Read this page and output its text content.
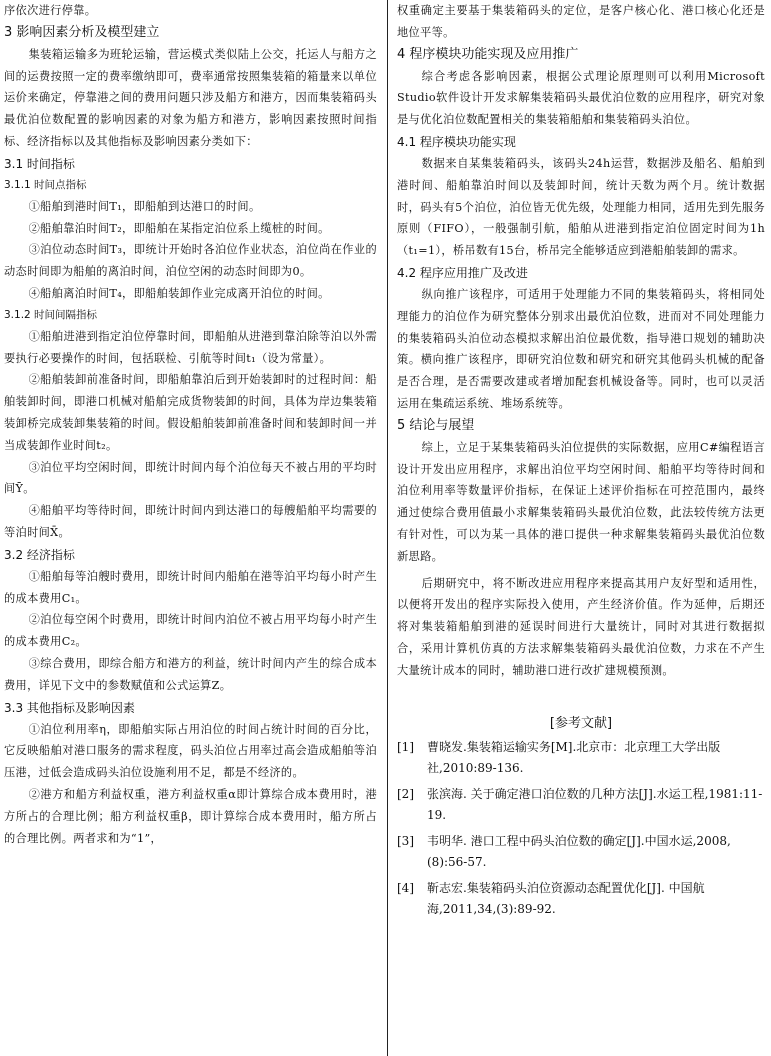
序依次进行停靠。

3 影响因素分析及模型建立

集装箱运输多为班轮运输，营运模式类似陆上公交，托运人与船方之间的运费按照一定的费率缴纳即可，费率通常按照集装箱的箱量来以单位运价来确定，停靠港之间的费用问题只涉及船方和港方，因而集装箱码头最优泊位数配置的影响因素的对象为船方和港方，影响因素按照时间指标、经济指标以及其他指标及影响因素分类如下：

3.1 时间指标
3.1.1 时间点指标

①船舶到港时间T₁，即船舶到达港口的时间。

②船舶靠泊时间T₂，即船舶在某指定泊位系上缆桩的时间。

③泊位动态时间T₃，即统计开始时各泊位作业状态，泊位尚在作业的动态时间即为船舶的离泊时间，泊位空闲的动态时间即为0。

④船舶离泊时间T₄，即船舶装卸作业完成离开泊位的时间。

3.1.2 时间间隔指标

①船舶进港到指定泊位停靠时间，即船舶从进港到靠泊除等泊以外需要执行必要操作的时间，包括联检、引航等时间t₁（设为常量）。

②船舶装卸前准备时间，即船舶靠泊后到开始装卸时的过程时间：船舶装卸时间，即港口机械对船舶完成货物装卸的时间，具体为岸边集装箱装卸桥完成装卸集装箱的时间。假设船舶装卸前准备时间和装卸时间一并当成装卸作业时间t₂。

③泊位平均空闲时间，即统计时间内每个泊位每天不被占用的平均时间Ȳ。

④船舶平均等待时间，即统计时间内到达港口的每艘船舶平均需要的等泊时间X̄。

3.2 经济指标

①船舶每等泊艘时费用，即统计时间内船舶在港等泊平均每小时产生的成本费用C₁。

②泊位每空闲个时费用，即统计时间内泊位不被占用平均每小时产生的成本费用C₂。

③综合费用，即综合船方和港方的利益，统计时间内产生的综合成本费用，详见下文中的参数赋值和公式运算Z。

3.3 其他指标及影响因素

①泊位利用率η，即船舶实际占用泊位的时间占统计时间的百分比，它反映船舶对港口服务的需求程度，码头泊位占用率过高会造成船舶等泊压港，过低会造成码头泊位设施利用不足，都是不经济的。

②港方和船方利益权重，港方利益权重α即计算综合成本费用时，港方所占的合理比例；船方利益权重β，即计算综合成本费用时，船方所占的合理比例。两者求和为“1”，

权重确定主要基于集装箱码头的定位，是客户核心化、港口核心化还是地位平等。

4 程序模块功能实现及应用推广

综合考虑各影响因素，根据公式理论原理则可以利用Microsoft Studio软件设计开发求解集装箱码头最优泊位数的应用程序，研究对象是与优化泊位数配置相关的集装箱船舶和集装箱码头泊位。

4.1 程序模块功能实现

数据来自某集装箱码头，该码头24h运营，数据涉及船名、船舶到港时间、船舶靠泊时间以及装卸时间，统计天数为两个月。统计数据时，码头有5个泊位，泊位皆无优先级，处理能力相同，适用先到先服务原则（FIFO），一般强制引航，船舶从进港到指定泊位固定时间为1h（t₁=1），桥吊数有15台，桥吊完全能够适应到港船舶装卸的需求。

4.2 程序应用推广及改进

纵向推广该程序，可适用于处理能力不同的集装箱码头，将相同处理能力的泊位作为研究整体分别求出最优泊位数，进而对不同处理能力的集装箱码头泊位动态模拟求解出泊位最优数，指导港口规划的辅助决策。横向推广该程序，即研究泊位数和研究和研究其他码头机械的配备是否合理，是否需要改建或者增加配套机械设备等。同时，也可以灵活运用在集疏运系统、堆场系统等。

5 结论与展望

综上，立足于某集装箱码头泊位提供的实际数据，应用C#编程语言设计开发出应用程序，求解出泊位平均空闲时间、船舶平均等待时间和泊位利用率等数量评价指标，在保证上述评价指标在可控范围内，最终通过使综合费用值最小求解集装箱码头最优泊位数，此法较传统方法更有针对性，可以为某一具体的港口提供一种求解集装箱码头最优泊位数新思路。

后期研究中，将不断改进应用程序来提高其用户友好型和适用性，以便将开发出的程序实际投入使用，产生经济价值。作为延伸，后期还将对集装箱船舶到港的延误时间进行大量统计，同时对其进行数据拟合，采用计算机仿真的方法求解集装箱码头最优泊位数，力求在不产生大量统计成本的同时，辅助港口进行改扩建规模预测。

[参考文献]
[1] 曹晓发.集装箱运输实务[M].北京市：北京理工大学出版社,2010:89-136.
[2] 张滨海. 关于确定港口泊位数的几种方法[J].水运工程,1981:11-19.
[3] 韦明华. 港口工程中码头泊位数的确定[J].中国水运,2008,(8):56-57.
[4] 靳志宏.集装箱码头泊位资源动态配置优化[J]. 中国航海,2011,34,(3):89-92.
